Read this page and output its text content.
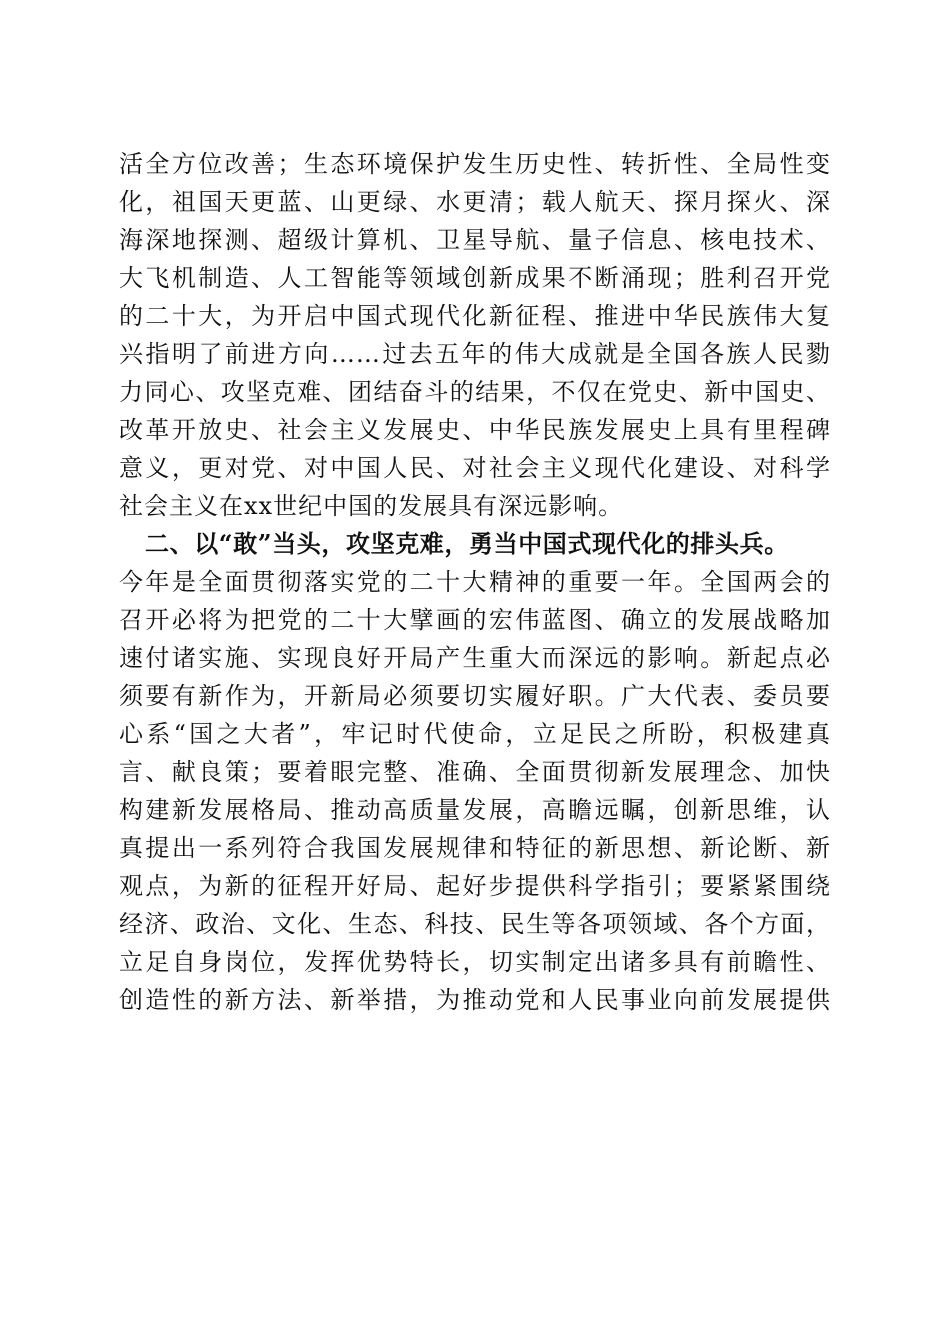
活全方位改善；生态环境保护发生历史性、转折性、全局性变
化，祖国天更蓝、山更绿、水更清；载人航天、探月探火、深
海深地探测、超级计算机、卫星导航、量子信息、核电技术、
大飞机制造、人工智能等领域创新成果不断涌现；胜利召开党
的二十大，为开启中国式现代化新征程、推进中华民族伟大复
兴指明了前进方向……过去五年的伟大成就是全国各族人民勠
力同心、攻坚克难、团结奋斗的结果，不仅在党史、新中国史、
改革开放史、社会主义发展史、中华民族发展史上具有里程碑
意义，更对党、对中国人民、对社会主义现代化建设、对科学
社会主义在xx世纪中国的发展具有深远影响。
二、以“敢”当头，攻坚克难，勇当中国式现代化的排头兵。
今年是全面贯彻落实党的二十大精神的重要一年。全国两会的
召开必将为把党的二十大擘画的宏伟蓝图、确立的发展战略加
速付诸实施、实现良好开局产生重大而深远的影响。新起点必
须要有新作为，开新局必须要切实履好职。广大代表、委员要
心系“国之大者”，牢记时代使命，立足民之所盼，积极建真
言、献良策；要着眼完整、准确、全面贯彻新发展理念、加快
构建新发展格局、推动高质量发展，高瞻远瞩，创新思维，认
真提出一系列符合我国发展规律和特征的新思想、新论断、新
观点，为新的征程开好局、起好步提供科学指引；要紧紧围绕
经济、政治、文化、生态、科技、民生等各项领域、各个方面，
立足自身岗位，发挥优势特长，切实制定出诸多具有前瞻性、
创造性的新方法、新举措，为推动党和人民事业向前发展提供
